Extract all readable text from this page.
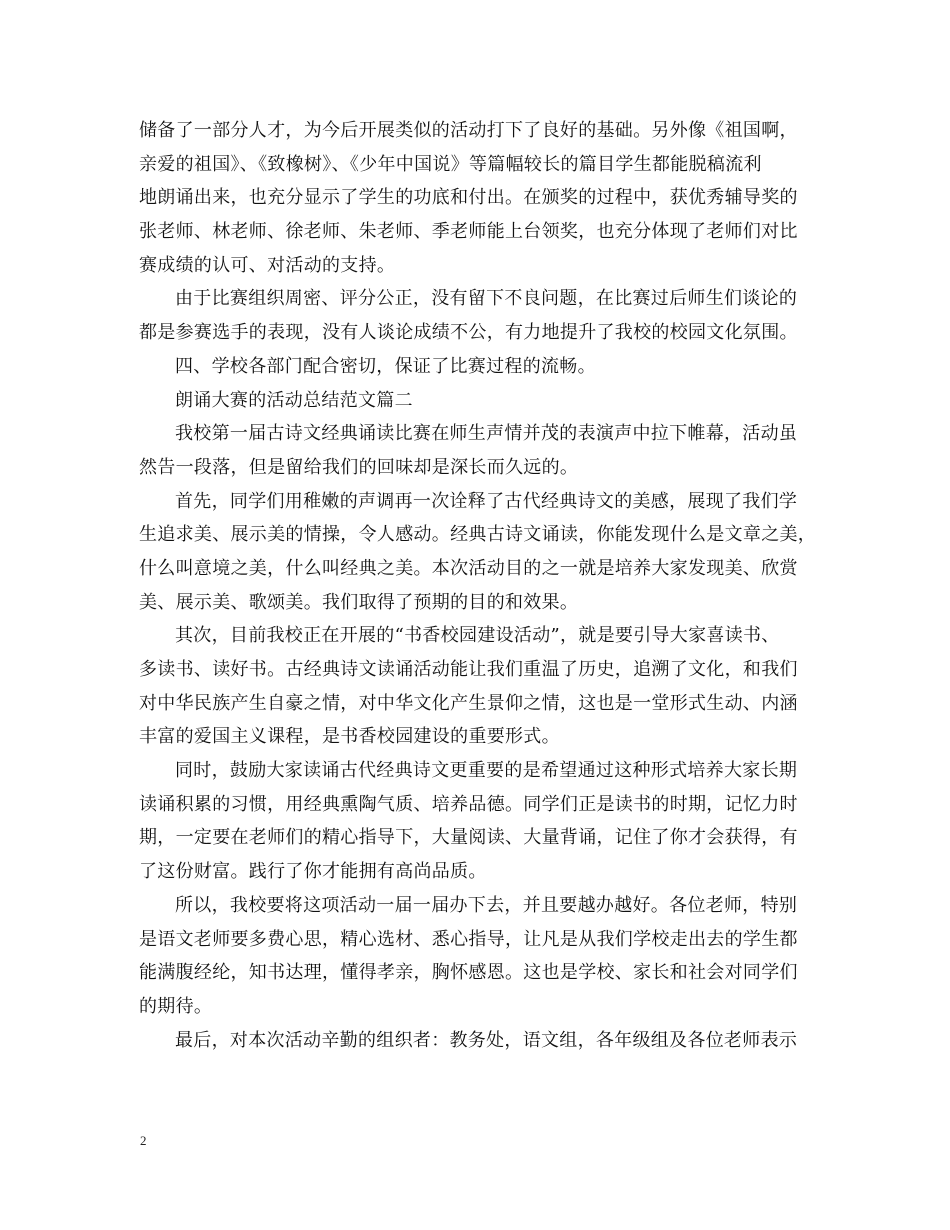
储备了一部分人才，为今后开展类似的活动打下了良好的基础。另外像《祖国啊，
亲爱的祖国》、《致橡树》、《少年中国说》等篇幅较长的篇目学生都能脱稿流利
地朗诵出来，也充分显示了学生的功底和付出。在颁奖的过程中，获优秀辅导奖的
张老师、林老师、徐老师、朱老师、季老师能上台领奖，也充分体现了老师们对比
赛成绩的认可、对活动的支持。
由于比赛组织周密、评分公正，没有留下不良问题，在比赛过后师生们谈论的
都是参赛选手的表现，没有人谈论成绩不公，有力地提升了我校的校园文化氛围。
四、学校各部门配合密切，保证了比赛过程的流畅。
朗诵大赛的活动总结范文篇二
我校第一届古诗文经典诵读比赛在师生声情并茂的表演声中拉下帷幕，活动虽
然告一段落，但是留给我们的回味却是深长而久远的。
首先，同学们用稚嫩的声调再一次诠释了古代经典诗文的美感，展现了我们学
生追求美、展示美的情操，令人感动。经典古诗文诵读，你能发现什么是文章之美，
什么叫意境之美，什么叫经典之美。本次活动目的之一就是培养大家发现美、欣赏
美、展示美、歌颂美。我们取得了预期的目的和效果。
其次，目前我校正在开展的“书香校园建设活动”，就是要引导大家喜读书、
多读书、读好书。古经典诗文读诵活动能让我们重温了历史，追溯了文化，和我们
对中华民族产生自豪之情，对中华文化产生景仰之情，这也是一堂形式生动、内涵
丰富的爱国主义课程，是书香校园建设的重要形式。
同时，鼓励大家读诵古代经典诗文更重要的是希望通过这种形式培养大家长期
读诵积累的习惯，用经典熏陶气质、培养品德。同学们正是读书的时期，记忆力时
期，一定要在老师们的精心指导下，大量阅读、大量背诵，记住了你才会获得，有
了这份财富。践行了你才能拥有高尚品质。
所以，我校要将这项活动一届一届办下去，并且要越办越好。各位老师，特别
是语文老师要多费心思，精心选材、悉心指导，让凡是从我们学校走出去的学生都
能满腹经纶，知书达理，懂得孝亲，胸怀感恩。这也是学校、家长和社会对同学们
的期待。
最后，对本次活动辛勤的组织者：教务处，语文组，各年级组及各位老师表示
2
